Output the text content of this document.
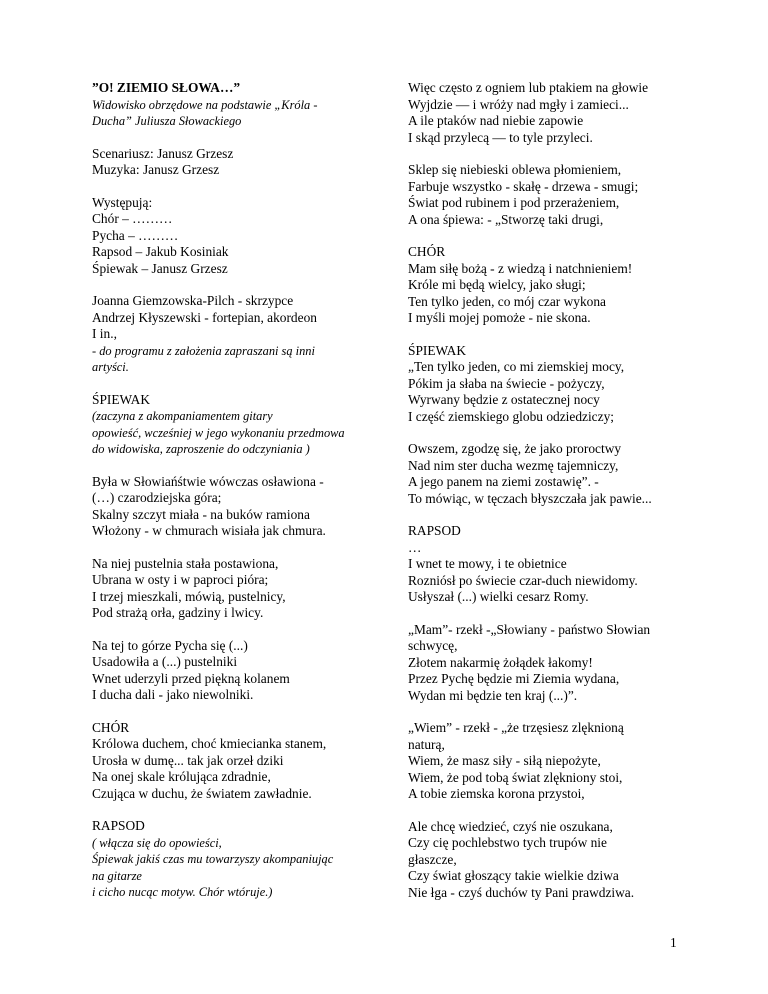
”O! ZIEMIO SŁOWA…”
Widowisko obrzędowe na podstawie „Króla -
Ducha” Juliusza Słowackiego
Scenariusz: Janusz Grzesz
Muzyka: Janusz Grzesz
Występują:
Chór – ………
Pycha – ………
Rapsod – Jakub Kosiniak
Śpiewak – Janusz Grzesz
Joanna Giemzowska-Pilch - skrzypce
Andrzej Kłyszewski - fortepian, akordeon
I in.,
- do programu z założenia zapraszani są inni
artyści.
ŚPIEWAK
(zaczyna z akompaniamentem gitary
opowieść, wcześniej w jego wykonaniu przedmowa
do widowiska, zaproszenie do odczyniania )
Była w Słowiańśtwie wówczas osławiona -
(…) czarodziejska góra;
Skalny szczyt miała - na buków ramiona
Włożony - w chmurach wisiała jak chmura.
Na niej pustelnia stała postawiona,
Ubrana w osty i w paproci pióra;
I trzej mieszkali, mówią, pustelnicy,
Pod strażą orła, gadziny i lwicy.
Na tej to górze Pycha się (...)
Usadowiła a (...) pustelniki
Wnet uderzyli przed piękną kolanem
I ducha dali - jako niewolniki.
CHÓR
Królowa duchem, choć kmiecianka stanem,
Urosła w dumę... tak jak orzeł dziki
Na onej skale królująca zdradnie,
Czująca w duchu, że światem zawładnie.
RAPSOD
( włącza się do opowieści,
Śpiewak jakiś czas mu towarzyszy akompaniując
na gitarze
i cicho nucąc motyw. Chór wtóruje.)
Więc często z ogniem lub ptakiem na głowie
Wyjdzie — i wróży nad mgły i zamieci...
A ile ptaków nad niebie zapowie
I skąd przylecą — to tyle przyleci.
Sklep się niebieski oblewa płomieniem,
Farbuje wszystko - skałę - drzewa - smugi;
Świat pod rubinem i pod przerażeniem,
A ona śpiewa: - „Stworzę taki drugi,
CHÓR
Mam siłę bożą - z wiedzą i natchnieniem!
Króle mi będą wielcy, jako sługi;
Ten tylko jeden, co mój czar wykona
I myśli mojej pomoże - nie skona.
ŚPIEWAK
„Ten tylko jeden, co mi ziemskiej mocy,
Pókim ja słaba na świecie - pożyczy,
Wyrwany będzie z ostatecznej nocy
I część ziemskiego globu odziedziczy;
Owszem, zgodzę się, że jako proroctwy
Nad nim ster ducha wezmę tajemniczy,
A jego panem na ziemi zostawię”. -
To mówiąc, w tęczach błyszczała jak pawie...
RAPSOD
…
I wnet te mowy, i te obietnice
Rozniósł po świecie czar-duch niewidomy.
Usłyszał (...) wielki cesarz Romy.
„Mam”- rzekł -„Słowiany - państwo Słowian
schwycę,
Złotem nakarmię żołądek łakomy!
Przez Pychę będzie mi Ziemia wydana,
Wydan mi będzie ten kraj (...)”.
„Wiem” - rzekł - „że trzęsiesz zlęknioną
naturą,
Wiem, że masz siły - siłą niepożyte,
Wiem, że pod tobą świat zlękniony stoi,
A tobie ziemska korona przystoi,
Ale chcę wiedzieć, czyś nie oszukana,
Czy cię pochlebstwo tych trupów nie
głaszcze,
Czy świat głoszący takie wielkie dziwa
Nie łga - czyś duchów ty Pani prawdziwa.
1
